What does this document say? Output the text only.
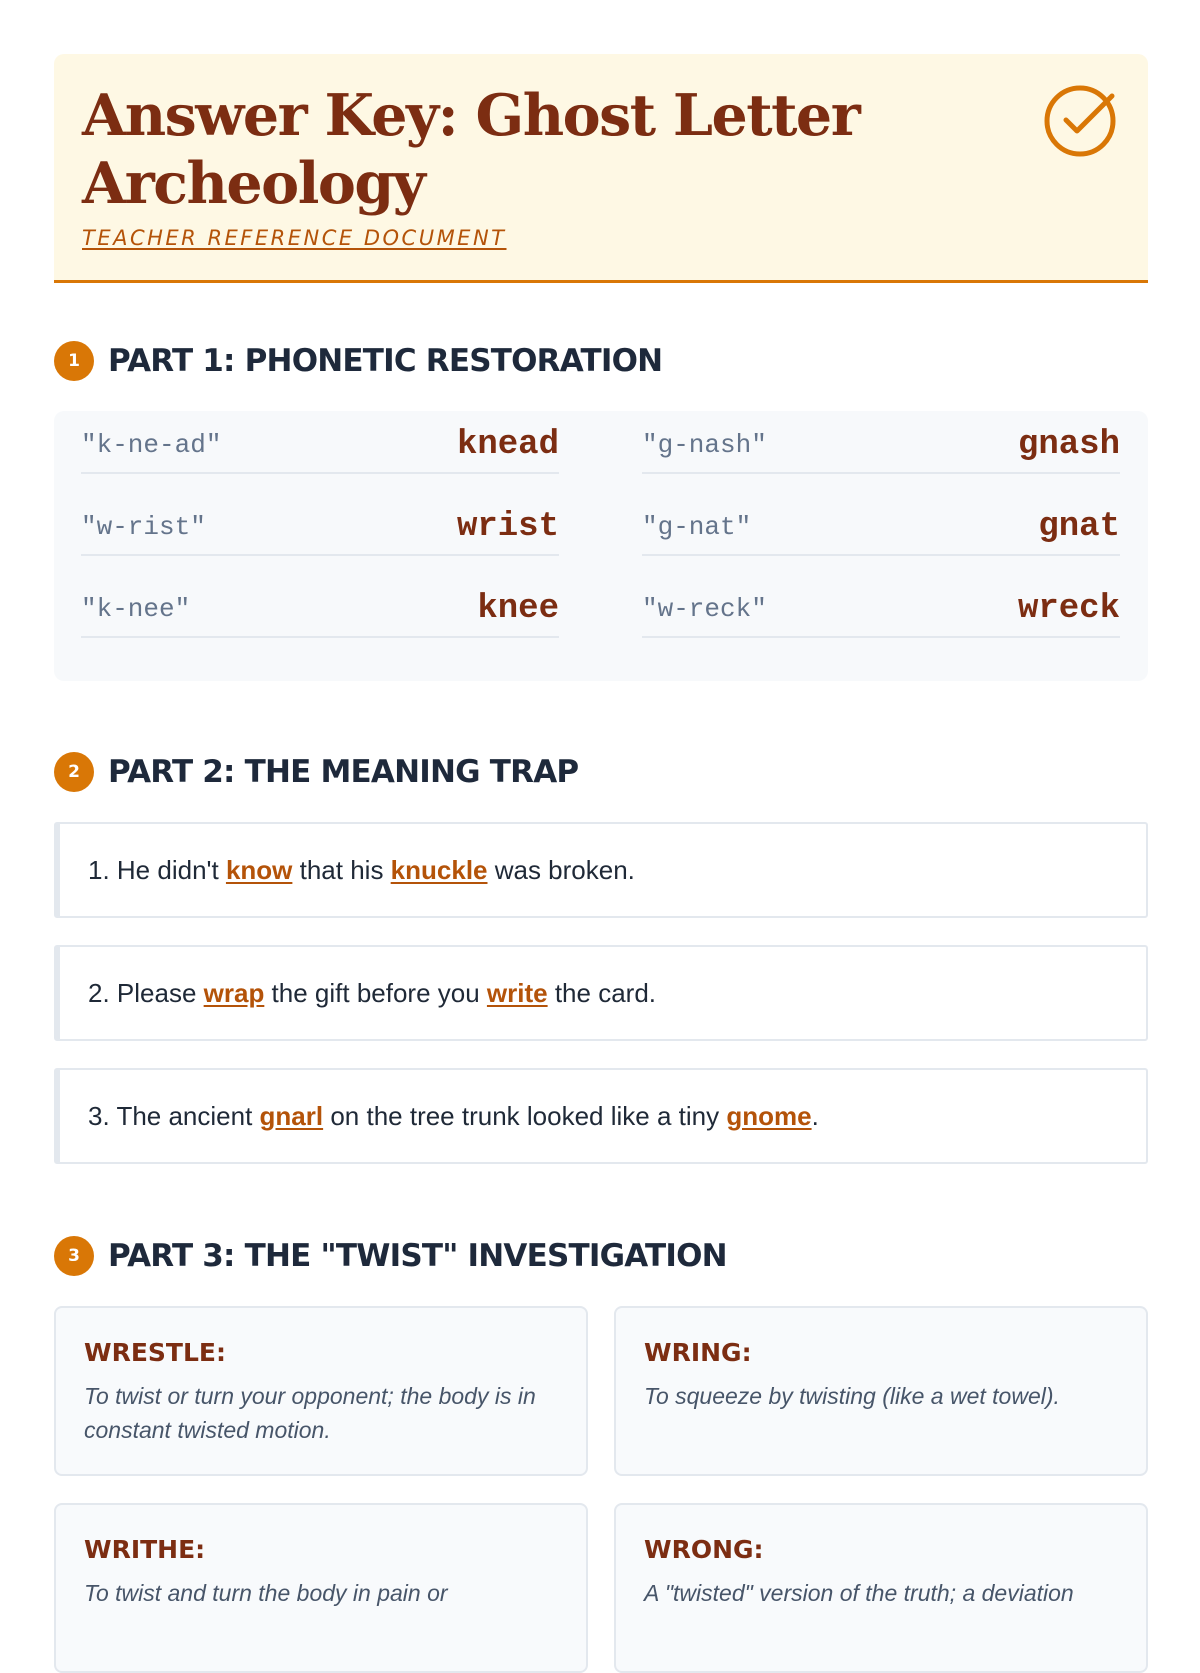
Answer Key: Ghost Letter Archeology
TEACHER REFERENCE DOCUMENT
1 PART 1: PHONETIC RESTORATION
"k-ne-ad"	knead	"g-nash"	gnash
"w-rist"	wrist	"g-nat"	gnat
"k-nee"	knee	"w-reck"	wreck
2 PART 2: THE MEANING TRAP
1. He didn't know that his knuckle was broken.
2. Please wrap the gift before you write the card.
3. The ancient gnarl on the tree trunk looked like a tiny gnome .
3 PART 3: THE "TWIST" INVESTIGATION
WRESTLE:
To twist or turn your opponent; the body is in constant twisted motion.
WRING:
To squeeze by twisting (like a wet towel).
WRITHE:
To twist and turn the body in pain or
WRONG:
A "twisted" version of the truth; a deviation
